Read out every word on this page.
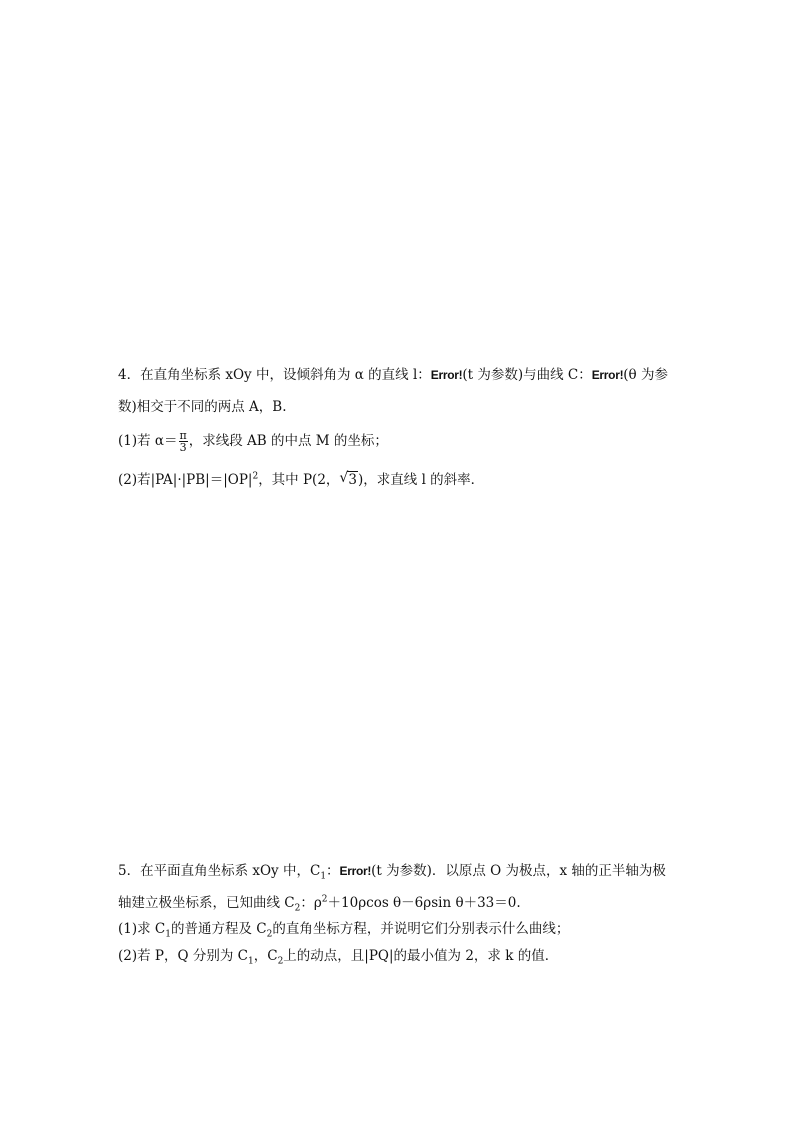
4．在直角坐标系 xOy 中，设倾斜角为 α 的直线 l：Error!(t 为参数)与曲线 C：Error!(θ 为参
数)相交于不同的两点 A，B.
(1)若 $\alpha= \frac{\pi}{3}$ ，求线段 AB 的中点 M 的坐标；
(2)若$|PA|\cdot|PB|=|OP|^2$，其中 P(2， √ 3)，求直线 l 的斜率．
5．在平面直角坐标系 xOy 中，$C_1$：Error!(t 为参数)．以原点 O 为极点，x 轴的正半轴为极
轴建立极坐标系，已知曲线 $C_2$：$\rho^2+10\rho\cos$ θ－6ρsin θ＋33＝0.
(1)求 $C_1$的普通方程及 $C_2$的直角坐标方程，并说明它们分别表示什么曲线；
(2)若 P，Q 分别为 $C_1$，$C_2$上的动点，且|PQ|的最小值为 2，求 k 的值．
